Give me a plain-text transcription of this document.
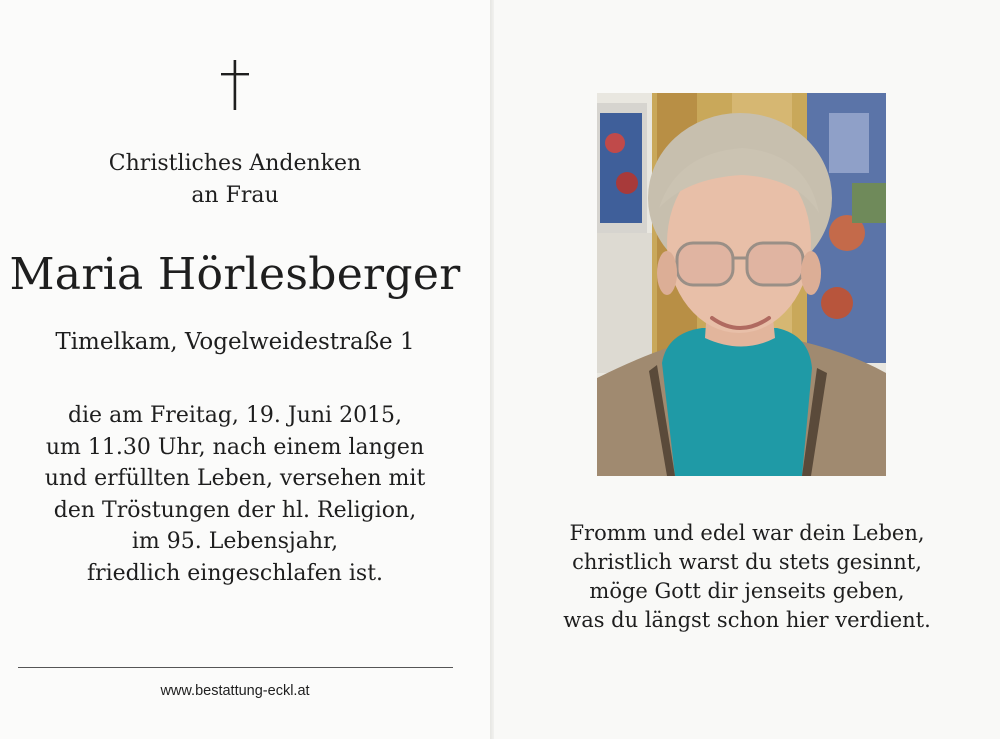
Christliches Andenken
an Frau
Maria Hörlesberger
Timelkam, Vogelweidestraße 1
die am Freitag, 19. Juni 2015,
um 11.30 Uhr, nach einem langen
und erfüllten Leben, versehen mit
den Tröstungen der hl. Religion,
im 95. Lebensjahr,
friedlich eingeschlafen ist.
www.bestattung-eckl.at
Fromm und edel war dein Leben,
christlich warst du stets gesinnt,
möge Gott dir jenseits geben,
was du längst schon hier verdient.
